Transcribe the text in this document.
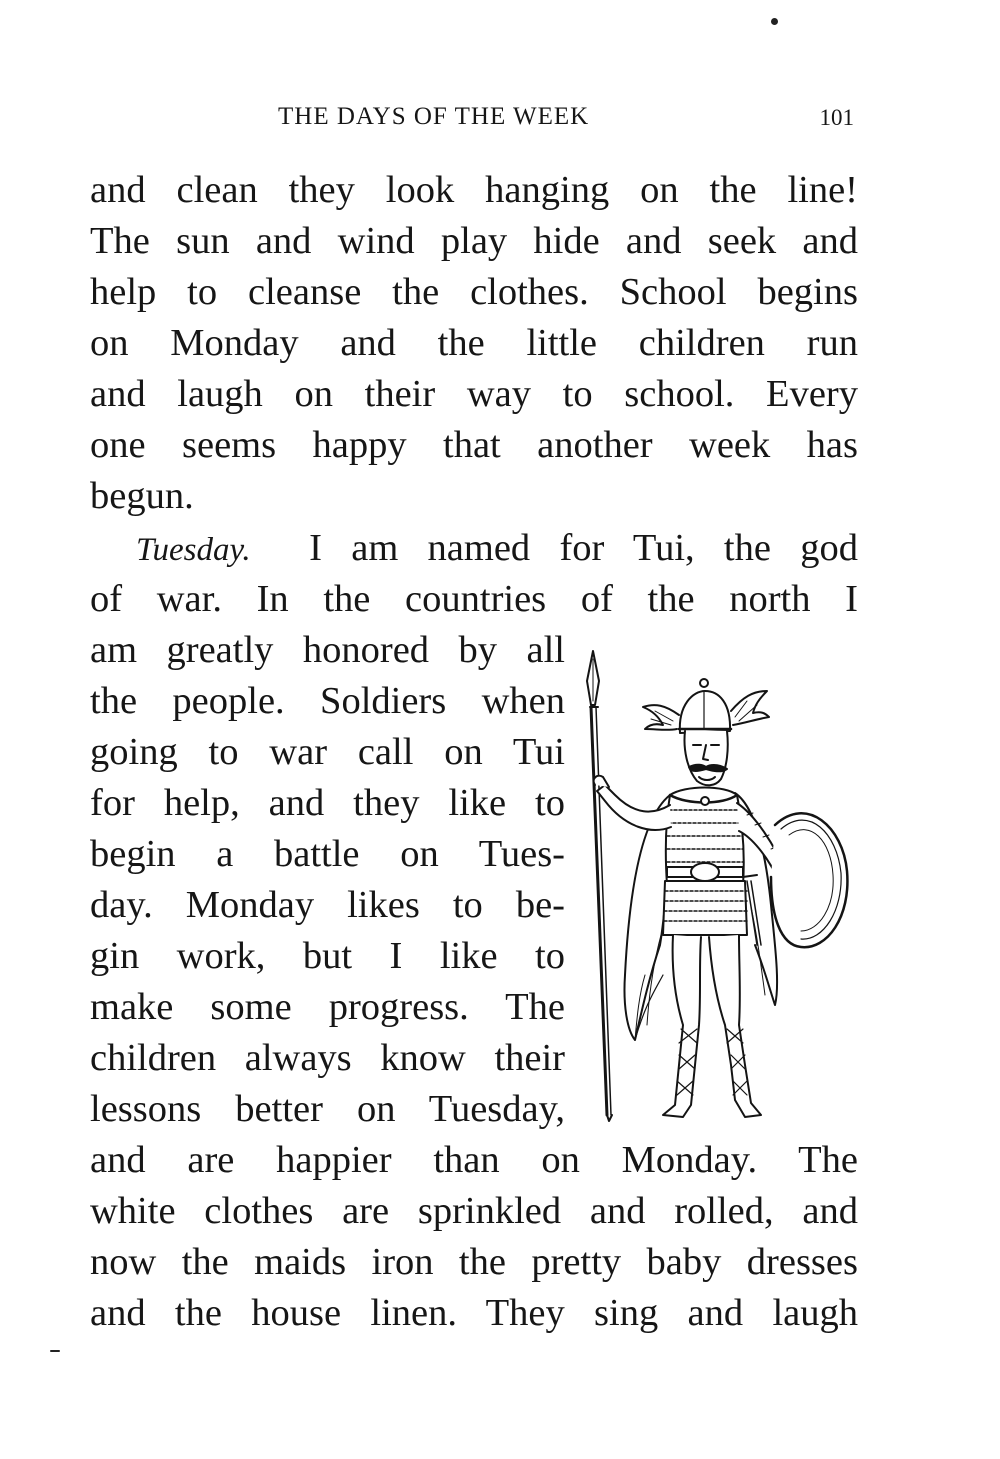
THE DAYS OF THE WEEK	101
and clean they look hanging on the line!
The sun and wind play hide and seek and
help to cleanse the clothes. School begins
on Monday and the little children run
and laugh on their way to school. Every
one seems happy that another week has
begun.
Tuesday. I am named for Tui, the god
of war. In the countries of the north I
am greatly honored by all
the people. Soldiers when
going to war call on Tui
for help, and they like to
begin a battle on Tues-
day. Monday likes to be-
gin work, but I like to
make some progress. The
children always know their
lessons better on Tuesday,
and are happier than on Monday. The
white clothes are sprinkled and rolled, and
now the maids iron the pretty baby dresses
and the house linen. They sing and laugh
